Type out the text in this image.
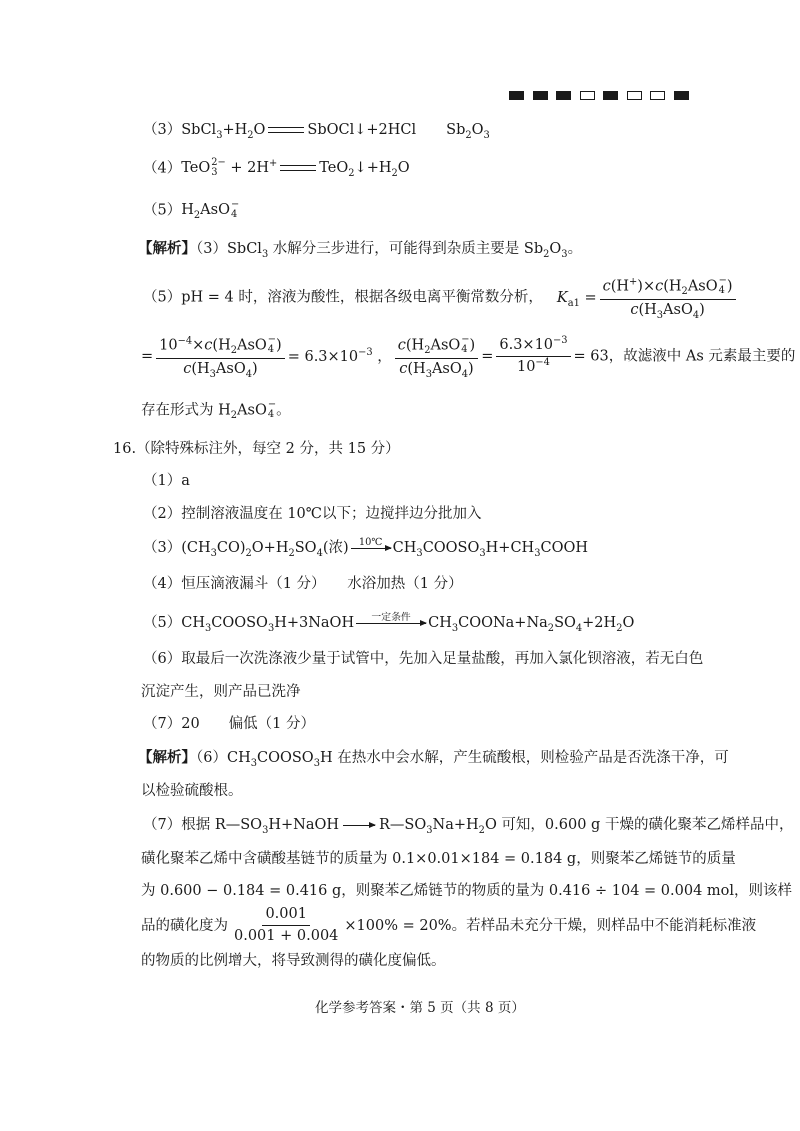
$(3)SbCl_3+H_2O$	SbOCl↓+2HCl $Sb_2O_3$
（4）TeO 2−
3 + 2H+	$TeO_2↓+H_2O$
$(5)H_2AsO$ −
4
【解析】（3）SbCl$_3$ 水解分三步进行，可能得到杂质主要是 $Sb_2O_3$。
（5）pH = 4 时，溶液为酸性，根据各级电离平衡常数分析， $K_{a1} = c(H^+)\times c(H_2AsO$ −
4 )
$c(H_3AsO_4)$
= $10^{-4}\times c(H_2AsO$ −
4 )
$c(H_3AsO_4) = 6.3\times 10^{-3}$ ， $c(H_2AsO$ −
4 )
$c(H_3AsO_4) = \frac{6.3\times 10^{-3}}{10^{-4}} = 63$，故滤液中 As 元素最主要的
存在形式为 $H_2AsO$ −
4 。
16.（除特殊标注外，每空 2 分，共 15 分）
（1）a
（2）控制溶液温度在 10℃以下；边搅拌边分批加入
$(3)(CH_3CO)_2O+H_2SO_4$(浓) 10℃
$CH_3COOSO_3H+CH_3COOH$
（4）恒压滴液漏斗（1 分）　　水浴加热（1 分）
$(5)CH_3COOSO_3H+3NaOH$ 一定条件
$CH_3COONa+Na_2SO_4+2H_2O$
（6）取最后一次洗涤液少量于试管中，先加入足量盐酸，再加入氯化钡溶液，若无白色
沉淀产生，则产品已洗净
（7）20　　偏低（1 分）
【解析】$(6)CH_3COOSO_3H$ 在热水中会水解，产生硫酸根，则检验产品是否洗涤干净，可
以检验硫酸根。
（7）根据 $R—SO_3H+NaOH$	$R—SO_3Na+H_2O$ 可知，0.600 g 干燥的磺化聚苯乙烯样品中，
磺化聚苯乙烯中含磺酸基链节的质量为 0.1×0.01×184 = 0.184 g，则聚苯乙烯链节的质量
为 0.600 − 0.184 = 0.416 g，则聚苯乙烯链节的物质的量为 0.416 ÷ 104 = 0.004 mol，则该样
品的磺化度为 $\frac{0.001}{0.001 + 0.004} \times 100\% = 20\%$。若样品未充分干燥，则样品中不能消耗标准液
的物质的比例增大，将导致测得的磺化度偏低。
化学参考答案・第 5 页（共 8 页）
